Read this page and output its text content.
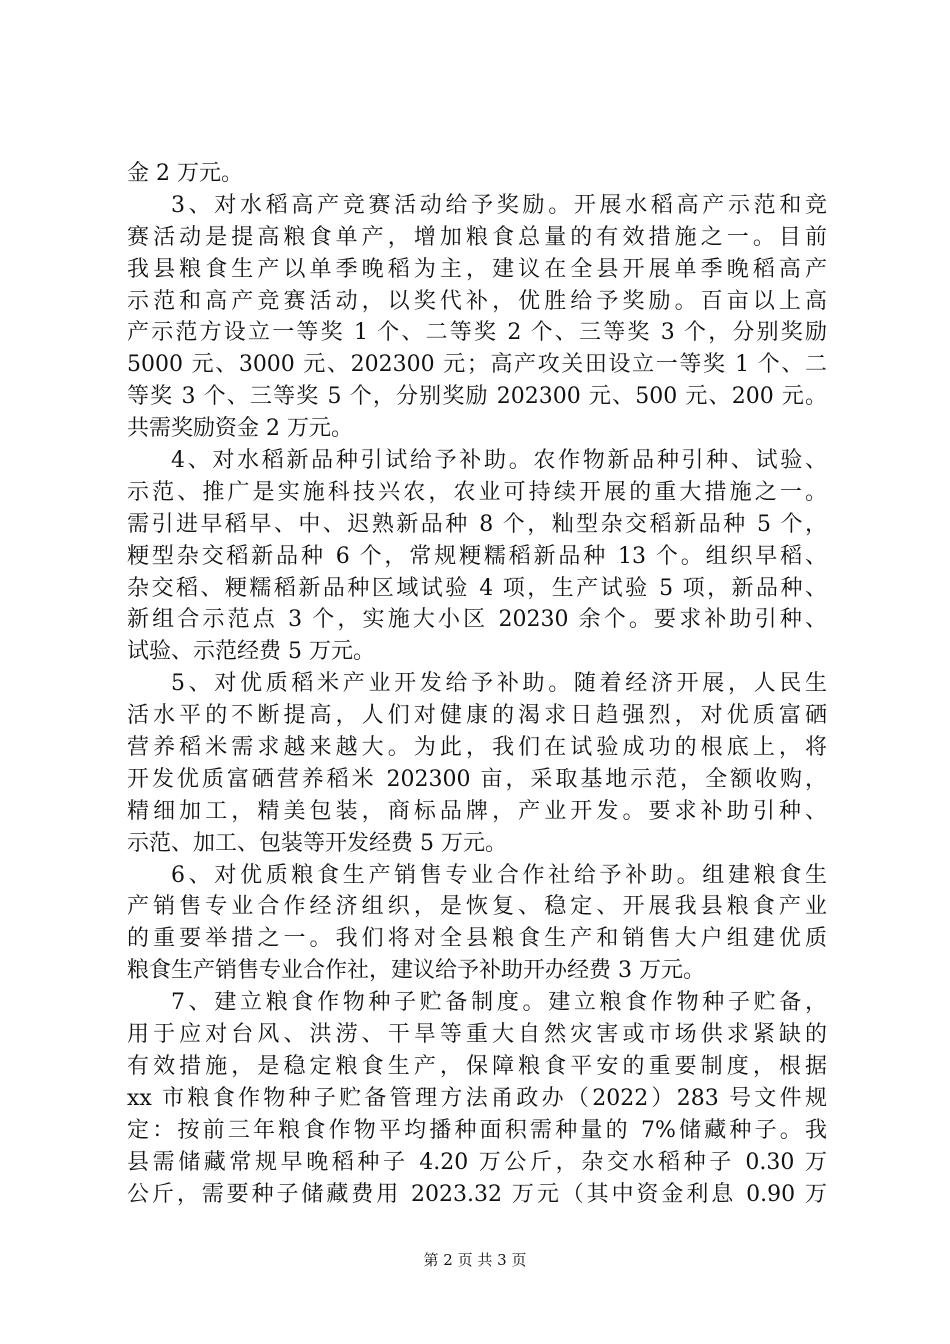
金 2 万元。
3、对水稻高产竞赛活动给予奖励。开展水稻高产示范和竞
赛活动是提高粮食单产，增加粮食总量的有效措施之一。目前
我县粮食生产以单季晚稻为主，建议在全县开展单季晚稻高产
示范和高产竞赛活动，以奖代补，优胜给予奖励。百亩以上高
产示范方设立一等奖 1 个、二等奖 2 个、三等奖 3 个，分别奖励
5000 元、3000 元、202300 元；高产攻关田设立一等奖 1 个、二
等奖 3 个、三等奖 5 个，分别奖励 202300 元、500 元、200 元。
共需奖励资金 2 万元。
4、对水稻新品种引试给予补助。农作物新品种引种、试验、
示范、推广是实施科技兴农，农业可持续开展的重大措施之一。
需引进早稻早、中、迟熟新品种 8 个，籼型杂交稻新品种 5 个，
粳型杂交稻新品种 6 个，常规粳糯稻新品种 13 个。组织早稻、
杂交稻、粳糯稻新品种区域试验 4 项，生产试验 5 项，新品种、
新组合示范点 3 个，实施大小区 20230 余个。要求补助引种、
试验、示范经费 5 万元。
5、对优质稻米产业开发给予补助。随着经济开展，人民生
活水平的不断提高，人们对健康的渴求日趋强烈，对优质富硒
营养稻米需求越来越大。为此，我们在试验成功的根底上，将
开发优质富硒营养稻米 202300 亩，采取基地示范，全额收购，
精细加工，精美包装，商标品牌，产业开发。要求补助引种、
示范、加工、包装等开发经费 5 万元。
6、对优质粮食生产销售专业合作社给予补助。组建粮食生
产销售专业合作经济组织，是恢复、稳定、开展我县粮食产业
的重要举措之一。我们将对全县粮食生产和销售大户组建优质
粮食生产销售专业合作社，建议给予补助开办经费 3 万元。
7、建立粮食作物种子贮备制度。建立粮食作物种子贮备，
用于应对台风、洪涝、干旱等重大自然灾害或市场供求紧缺的
有效措施，是稳定粮食生产，保障粮食平安的重要制度，根据
xx 市粮食作物种子贮备管理方法甬政办（2022）283 号文件规
定：按前三年粮食作物平均播种面积需种量的 7%储藏种子。我
县需储藏常规早晚稻种子 4.20 万公斤，杂交水稻种子 0.30 万
公斤，需要种子储藏费用 2023.32 万元（其中资金利息 0.90 万
第 2 页 共 3 页
